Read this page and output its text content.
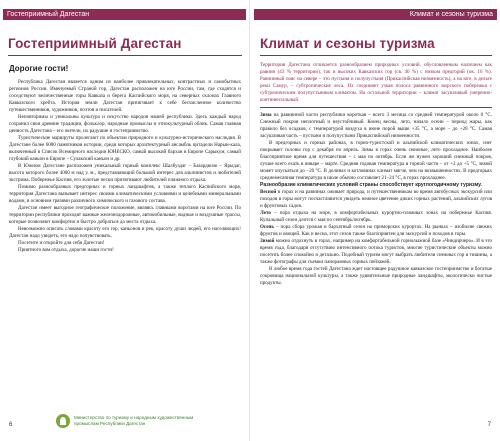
Гостеприимный Дагестан
Гостеприимный Дагестан
Дорогие гости!

Республика Дагестан является одним из наиболее привлекательных, контрастных и самобытных регионов России. Именуемый Страной гор, Дагестан расположен на юге России, там, где сходятся и соседствуют величественные горы Кавказа и берега Каспийского моря, на северных склонах Главного Кавказского хребта. История земли Дагестан притягивает к себе бесчисленное количество путешественников, художников, поэтов и писателей.

Неповторимы и уникальны культура и искусство народов нашей республики. Здесь каждый народ сохранил свои древние традиции, фольклор, народные промыслы и этнокультурный облик. Самая главная ценность Дагестана – его жители, их радушие и гостеприимство.

Туристические маршруты пролегают по объектам природного и культурно-исторического наследия. В Дагестане более 6000 памятников истории, среди которых архитектурный ансамбль цитадели Нарын-кала, включенный в Список Всемирного наследия ЮНЕСКО, самый высокий бархан в Европе Сарыкум, самый глубокий каньон в Европе – Сулакский каньон и др.

В Южном Дагестане расположен уникальный горный комплекс Шалбуздаг – Базардюзю – Ярыдаг, высота которого более 4000 м над у. м., представляющий большой интерес для альпинистов и любителей экстрима. Побережье Каспия, его золотые пески притягивают любителей пляжного отдыха.

Помимо разнообразных предгорных и горных ландшафтов, а также теплого Каспийского моря, территория Дагестана вызывает интерес своими климатическими условиями и целебными минеральными водами, в основном грязями различного химического и газового состава.

Дагестан имеет выгодное географическое положение, являясь главными воротами на юге России. По территории республики проходят важные железнодорожные, автомобильные, водные и воздушные трассы, которые позволяют комфортно и быстро добраться до места отдыха.

Невозможно описать словами красоту его гор, каньонов и рек, красоту души людей, его населяющих! Дагестан надо увидеть, его надо почувствовать.

Посетите и откройте для себя Дагестан!

Приятного вам отдыха, дорогие наши гости!

6
Климат и сезоны туризма
Климат и сезоны туризма

Территория Дагестана отличается разнообразием природных условий, обусловленным наличием как равнин (43 % территории), так и высоких Кавказских гор (св. 40 %) с низком предгорий (ок. 16 %). Равнинный пояс на севере – это пустыня и полупустыня (Прикаспийская низменность), а на юге, в дельте реки Самур, – субтропические леса. Их соединяет узкая полоса равнинного морского побережья с субтропическим полупустынным климатом. На остальной территории – климат засушливый умеренно-континентальный.

Зима на равнинной части республики короткая – всего 3 месяца со средней температурой около 0 °С. Снежный покров неплотный и неустойчивый. Конец весны, лето, начало осени – период жары, как правило без осадков, с температурой воздуха в июне порой выше +35 °С, а море – до +28 °С. Самая засушливая часть – пустыни и полупустыни Прикаспийской низменности.

В предгорных и горных районах, в горно-туристской и альпийской климатических зонах, снег покрывает склоны гор с декабря по апрель. Зимы в горах очень снежные, лето прохладное. Наиболее благоприятное время для путешествия – с мая по октябрь. Если же нужен хороший снежный покров, лучше всего ехать в январе – марте. Средняя годовая температура в горной части – от +2 до +5 °С, зимой может опускаться до −20 °С. В долинах и котловинах климат мягче, чем на возвышенностях. В предгорьях среднемесячная температура в июле обычно составляет 21–24 °С, в горах прохладнее.

Разнообразие климатических условий страны способствует круглогодичному туризму.

Весной в горах и на равнинах оживает природа, и путешественникам во время автобусных экскурсий или походов в горы могут посчастливится увидеть нежное цветение диких горных растений, альпийских лугов и фруктовых садов.

Лето – пора отдыха на море, в комфортабельных курортно-пляжных зонах на побережье Каспия. Купальный сезон длится с мая по сентябрь/октябрь.

Осень – пора сбора урожая и бархатный сезон на приморских курортах. На рынках – изобилие свежих фруктов и овощей. Как и весна, этот сезон также благоприятен для экскурсий и походов в горы.

Зимой можно отдохнуть в горах, например на комфортабельной горнолыжной базе «Чиндирчеро». И в это время года, благодаря отсутствию интенсивного потока туристов, многие туристические объекты можно посетить более спокойно и детально. Подобный туризм могут выбрать любители снежных гор и тишины, а также фотографы для съемки панорамных горных пейзажей.

В любое время года гостей Дагестана ждет настоящее радушное кавказское гостеприимство и богатые сокровища национальной культуры, а также удивительные природные ландшафты, экологически чистые продукты.

7
Министерство по туризму и народным художественным промыслам Республики Дагестан
